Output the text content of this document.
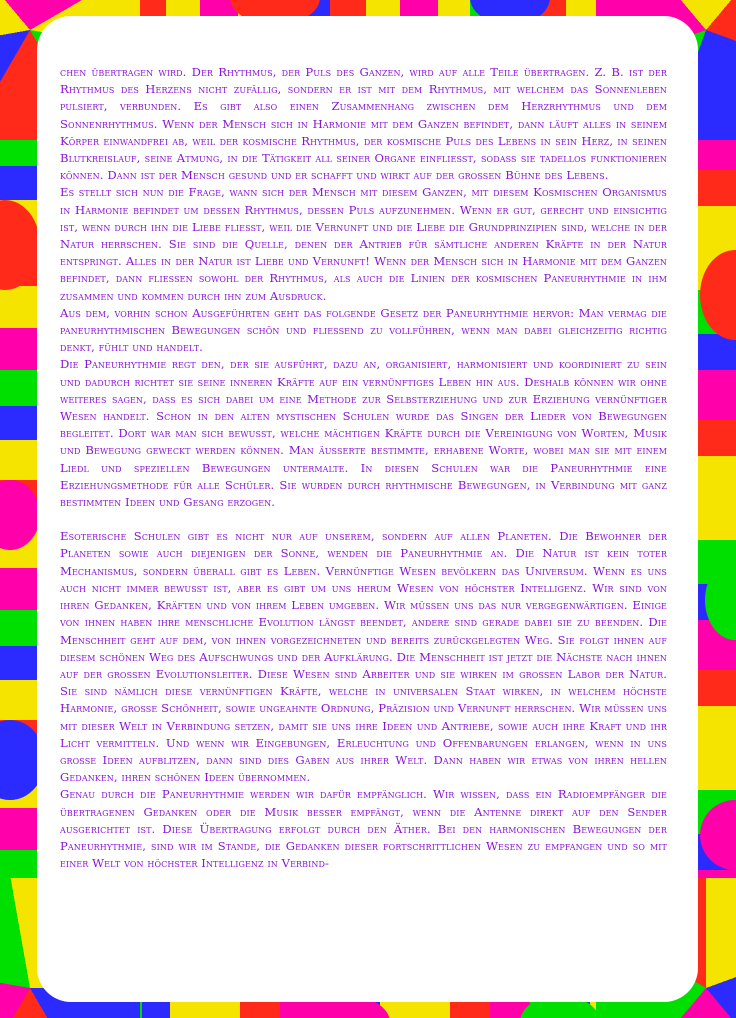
chen übertragen wird. Der Rhythmus, der Puls des Ganzen, wird auf alle Teile übertragen. Z. B. ist der Rhythmus des Herzens nicht zufällig, sondern er ist mit dem Rhythmus, mit welchem das Sonnenleben pulsiert, verbunden. Es gibt also einen Zusammenhang zwischen dem Herzrhythmus und dem Sonnenrhythmus. Wenn der Mensch sich in Harmonie mit dem Ganzen befindet, dann läuft alles in seinem Körper einwandfrei ab, weil der kosmische Rhythmus, der kosmische Puls des Lebens in sein Herz, in seinen Blutkreislauf, seine Atmung, in die Tätigkeit all seiner Organe einfliesst, sodass sie tadellos funktionieren können. Dann ist der Mensch gesund und er schafft und wirkt auf der grossen Bühne des Lebens.

Es stellt sich nun die Frage, wann sich der Mensch mit diesem Ganzen, mit diesem Kosmischen Organismus in Harmonie befindet um dessen Rhythmus, dessen Puls aufzunehmen. Wenn er gut, gerecht und einsichtig ist, wenn durch ihn die Liebe fliesst, weil die Vernunft und die Liebe die Grundprinzipien sind, welche in der Natur herrschen. Sie sind die Quelle, denen der Antrieb für sämtliche anderen Kräfte in der Natur entspringt. Alles in der Natur ist Liebe und Vernunft! Wenn der Mensch sich in Harmonie mit dem Ganzen befindet, dann fliessen sowohl der Rhythmus, als auch die Linien der kosmischen Paneurhythmie in ihm zusammen und kommen durch ihn zum Ausdruck.

Aus dem, vorhin schon Ausgeführten geht das folgende Gesetz der Paneurhythmie hervor: Man vermag die paneurhythmischen Bewegungen schön und fliessend zu vollführen, wenn man dabei gleichzeitig richtig denkt, fühlt und handelt.

Die Paneurhythmie regt den, der sie ausführt, dazu an, organisiert, harmonisiert und koordiniert zu sein und dadurch richtet sie seine inneren Kräfte auf ein vernünftiges Leben hin aus. Deshalb können wir ohne weiteres sagen, dass es sich dabei um eine Methode zur Selbsterziehung und zur Erziehung vernünftiger Wesen handelt. Schon in den alten mystischen Schulen wurde das Singen der Lieder von Bewegungen begleitet. Dort war man sich bewusst, welche mächtigen Kräfte durch die Vereinigung von Worten, Musik und Bewegung geweckt werden können. Man äusserte bestimmte, erhabene Worte, wobei man sie mit einem Liedl und speziellen Bewegungen untermalte. In diesen Schulen war die Paneurhythmie eine Erziehungsmethode für alle Schüler. Sie wurden durch rhythmische Bewegungen, in Verbindung mit ganz bestimmten Ideen und Gesang erzogen.

Esoterische Schulen gibt es nicht nur auf unserem, sondern auf allen Planeten. Die Bewohner der Planeten sowie auch diejenigen der Sonne, wenden die Paneurhythmie an. Die Natur ist kein toter Mechanismus, sondern überall gibt es Leben. Vernünftige Wesen bevölkern das Universum. Wenn es uns auch nicht immer bewusst ist, aber es gibt um uns herum Wesen von höchster Intelligenz. Wir sind von ihren Gedanken, Kräften und von ihrem Leben umgeben. Wir müssen uns das nur vergegenwärtigen. Einige von ihnen haben ihre menschliche Evolution längst beendet, andere sind gerade dabei sie zu beenden. Die Menschheit geht auf dem, von ihnen vorgezeichneten und bereits zurückgelegten Weg. Sie folgt ihnen auf diesem schönen Weg des Aufschwungs und der Aufklärung. Die Menschheit ist jetzt die Nächste nach ihnen auf der grossen Evolutionsleiter. Diese Wesen sind Arbeiter und sie wirken im grossen Labor der Natur. Sie sind nämlich diese vernünftigen Kräfte, welche in universalen Staat wirken, in welchem höchste Harmonie, grosse Schönheit, sowie ungeahnte Ordnung, Präzision und Vernunft herrschen. Wir müssen uns mit dieser Welt in Verbindung setzen, damit sie uns ihre Ideen und Antriebe, sowie auch ihre Kraft und ihr Licht vermitteln. Und wenn wir Eingebungen, Erleuchtung und Offenbarungen erlangen, wenn in uns grosse Ideen aufblitzen, dann sind dies Gaben aus ihrer Welt. Dann haben wir etwas von ihren hellen Gedanken, ihren schönen Ideen übernommen.

Genau durch die Paneurhythmie werden wir dafür empfänglich. Wir wissen, dass ein Radioempfänger die übertragenen Gedanken oder die Musik besser empfängt, wenn die Antenne direkt auf den Sender ausgerichtet ist. Diese Übertragung erfolgt durch den Äther. Bei den harmonischen Bewegungen der Paneurhythmie, sind wir im Stande, die Gedanken dieser fortschrittlichen Wesen zu empfangen und so mit einer Welt von höchster Intelligenz in Verbind-
